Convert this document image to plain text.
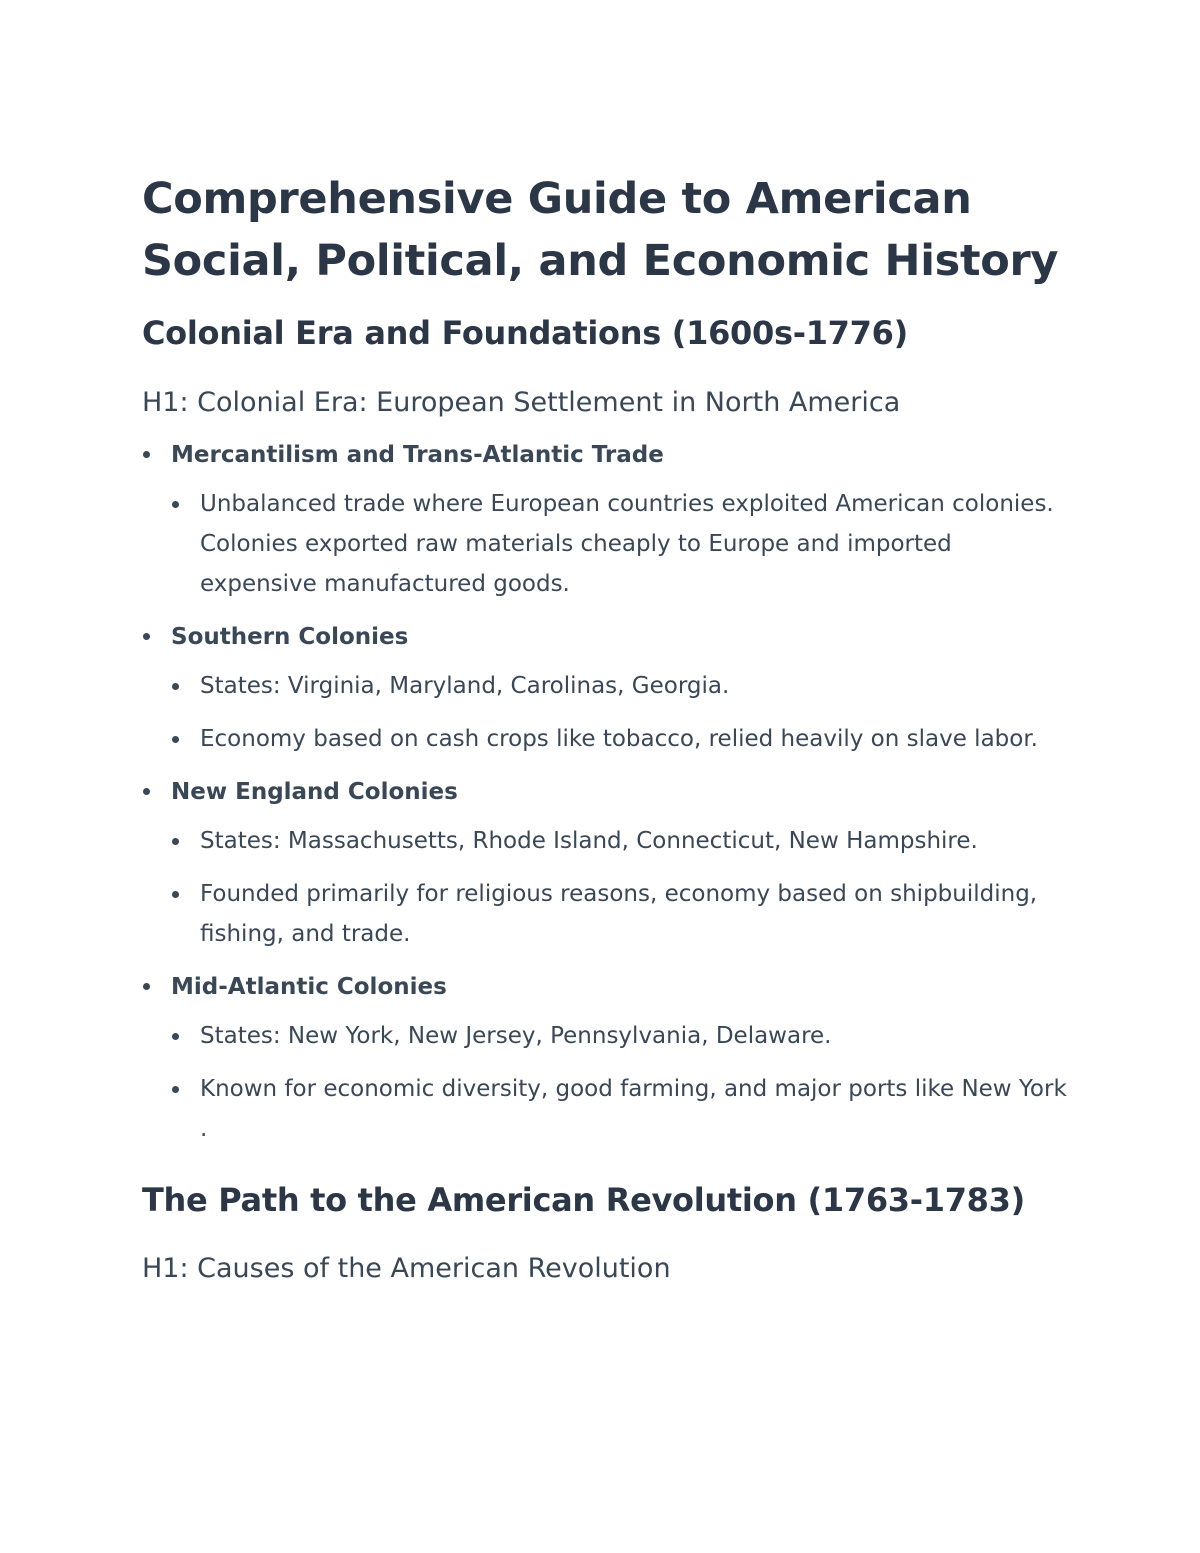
Comprehensive Guide to American Social, Political, and Economic History
Colonial Era and Foundations (1600s-1776)

H1: Colonial Era: European Settlement in North America

Mercantilism and Trans-Atlantic Trade
Unbalanced trade where European countries exploited American colonies. Colonies exported raw materials cheaply to Europe and imported expensive manufactured goods.
Southern Colonies
States: Virginia, Maryland, Carolinas, Georgia.
Economy based on cash crops like tobacco, relied heavily on slave labor.
New England Colonies
States: Massachusetts, Rhode Island, Connecticut, New Hampshire.
Founded primarily for religious reasons, economy based on shipbuilding, fishing, and trade.
Mid-Atlantic Colonies
States: New York, New Jersey, Pennsylvania, Delaware.
Known for economic diversity, good farming, and major ports like New York .
The Path to the American Revolution (1763-1783)

H1: Causes of the American Revolution
